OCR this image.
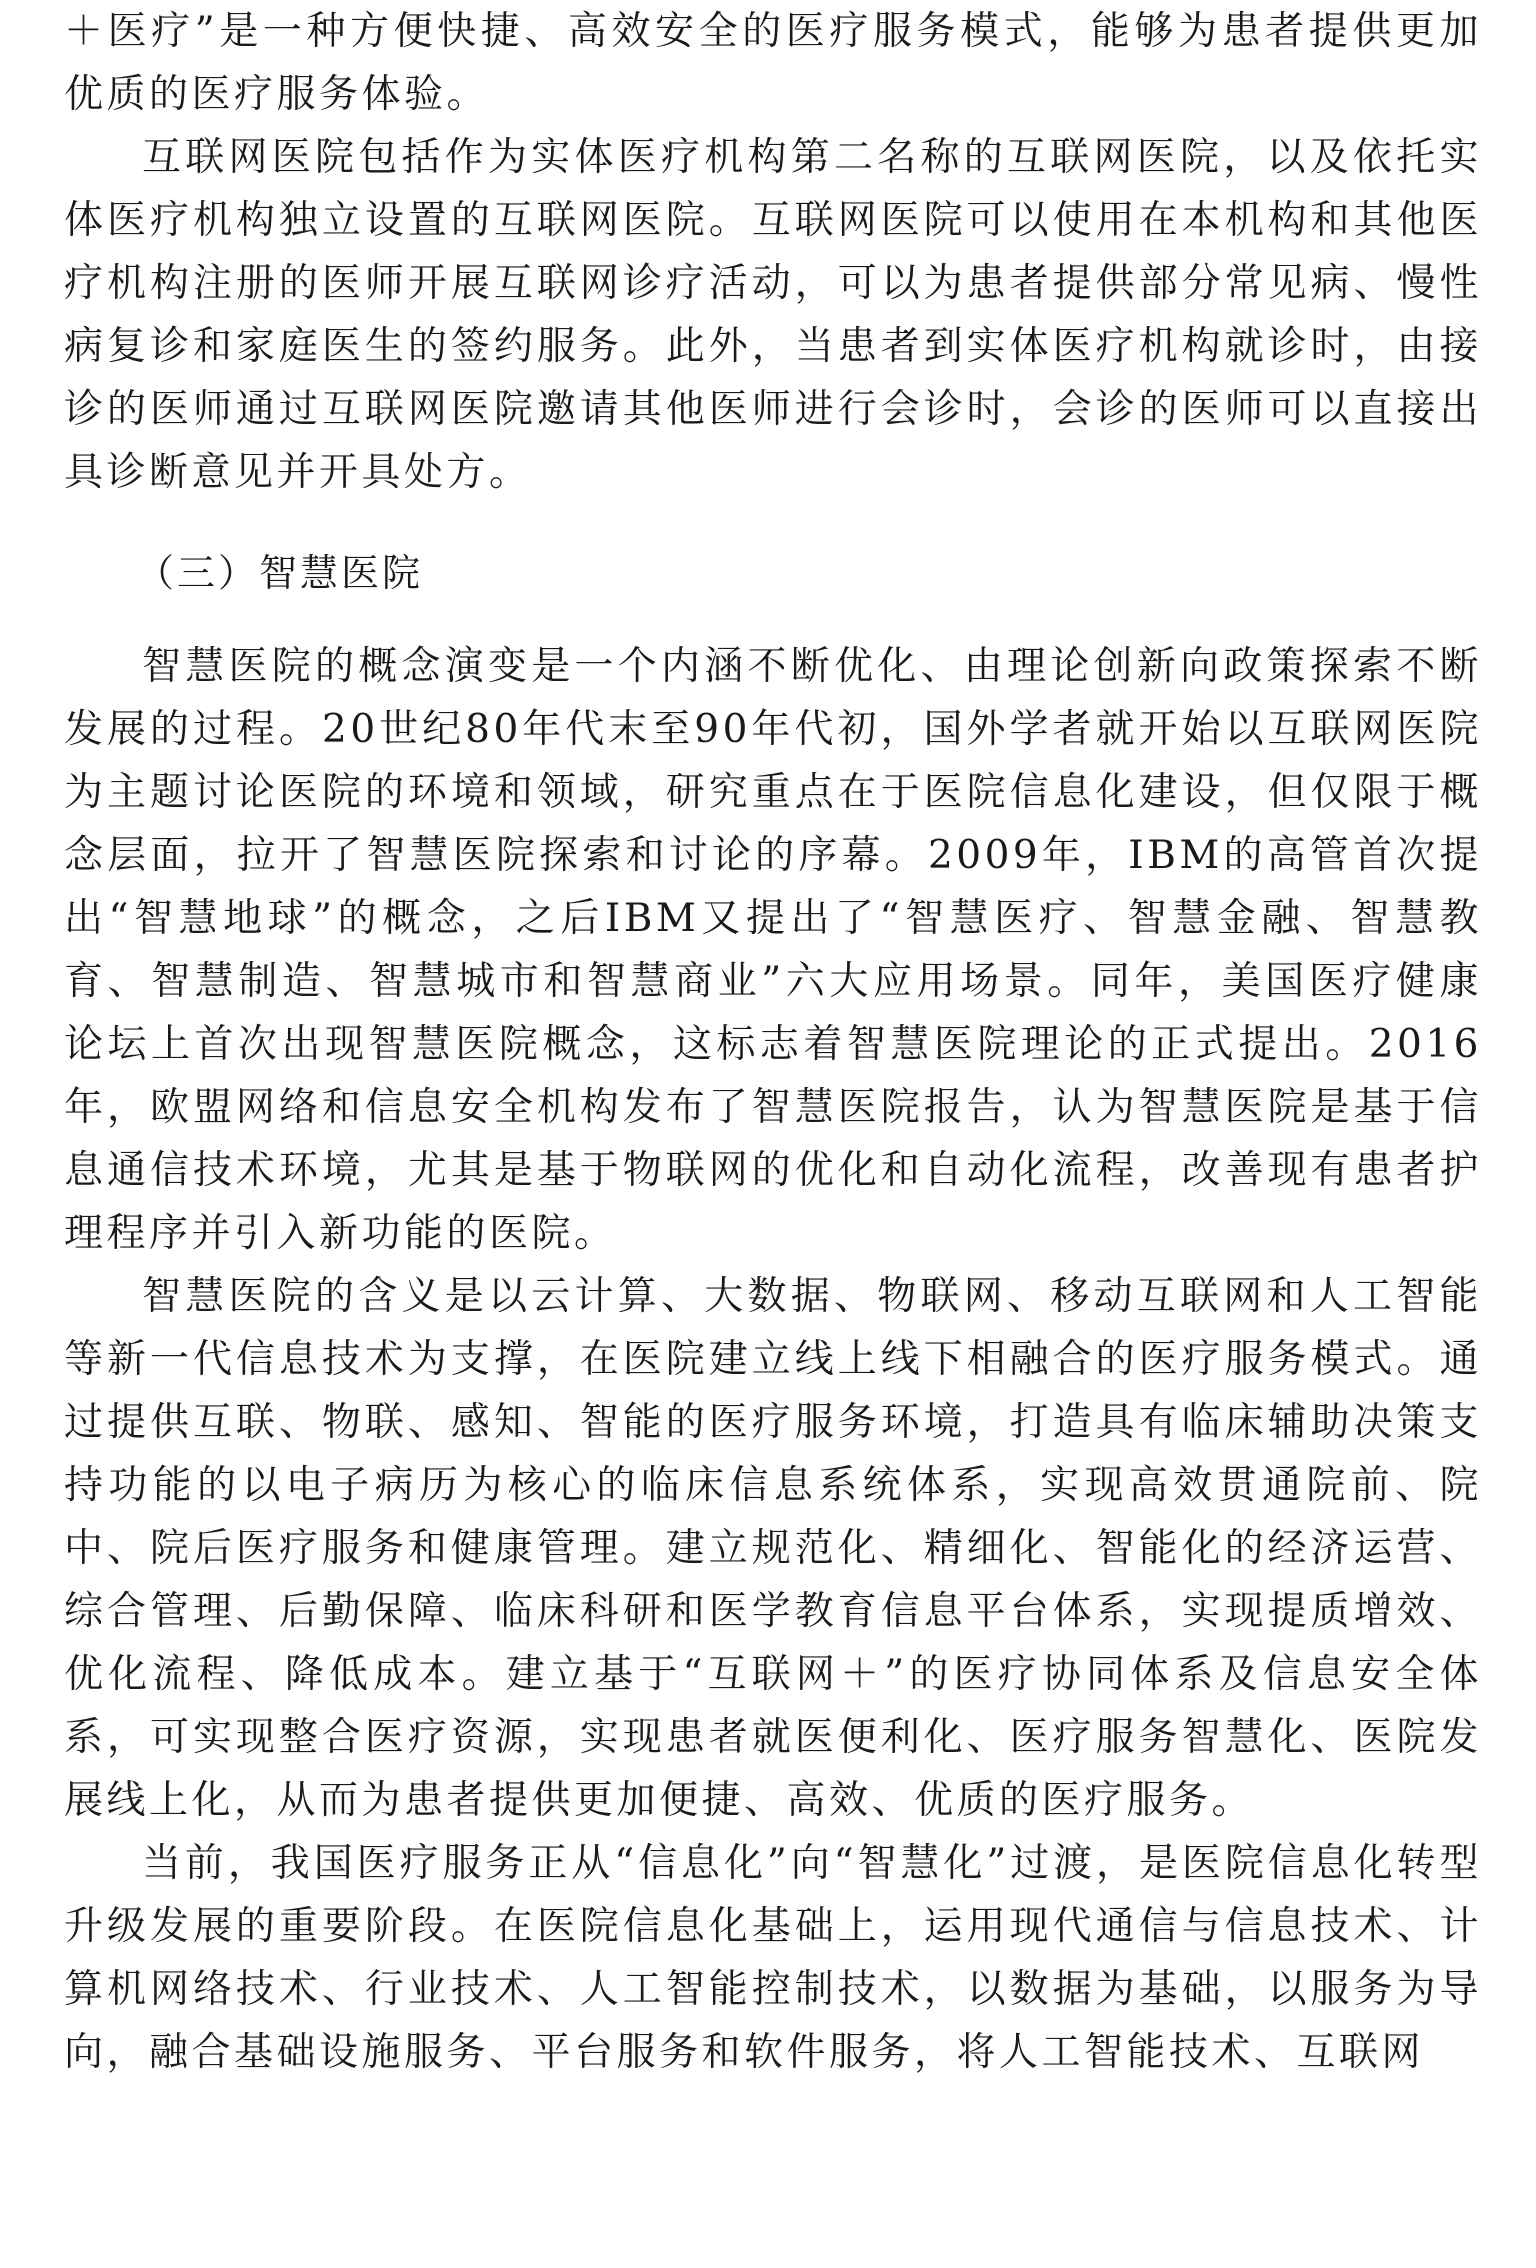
＋医疗”是一种方便快捷、高效安全的医疗服务模式，能够为患者提供更加优质的医疗服务体验。

互联网医院包括作为实体医疗机构第二名称的互联网医院，以及依托实体医疗机构独立设置的互联网医院。互联网医院可以使用在本机构和其他医疗机构注册的医师开展互联网诊疗活动，可以为患者提供部分常见病、慢性病复诊和家庭医生的签约服务。此外，当患者到实体医疗机构就诊时，由接诊的医师通过互联网医院邀请其他医师进行会诊时，会诊的医师可以直接出具诊断意见并开具处方。

（三）智慧医院

智慧医院的概念演变是一个内涵不断优化、由理论创新向政策探索不断发展的过程。20世纪80年代末至90年代初，国外学者就开始以互联网医院为主题讨论医院的环境和领域，研究重点在于医院信息化建设，但仅限于概念层面，拉开了智慧医院探索和讨论的序幕。2009年，IBM的高管首次提出“智慧地球”的概念，之后IBM又提出了“智慧医疗、智慧金融、智慧教育、智慧制造、智慧城市和智慧商业”六大应用场景。同年，美国医疗健康论坛上首次出现智慧医院概念，这标志着智慧医院理论的正式提出。2016年，欧盟网络和信息安全机构发布了智慧医院报告，认为智慧医院是基于信息通信技术环境，尤其是基于物联网的优化和自动化流程，改善现有患者护理程序并引入新功能的医院。

智慧医院的含义是以云计算、大数据、物联网、移动互联网和人工智能等新一代信息技术为支撑，在医院建立线上线下相融合的医疗服务模式。通过提供互联、物联、感知、智能的医疗服务环境，打造具有临床辅助决策支持功能的以电子病历为核心的临床信息系统体系，实现高效贯通院前、院中、院后医疗服务和健康管理。建立规范化、精细化、智能化的经济运营、综合管理、后勤保障、临床科研和医学教育信息平台体系，实现提质增效、优化流程、降低成本。建立基于“互联网＋”的医疗协同体系及信息安全体系，可实现整合医疗资源，实现患者就医便利化、医疗服务智慧化、医院发展线上化，从而为患者提供更加便捷、高效、优质的医疗服务。

当前，我国医疗服务正从“信息化”向“智慧化”过渡，是医院信息化转型升级发展的重要阶段。在医院信息化基础上，运用现代通信与信息技术、计算机网络技术、行业技术、人工智能控制技术，以数据为基础，以服务为导向，融合基础设施服务、平台服务和软件服务，将人工智能技术、互联网
